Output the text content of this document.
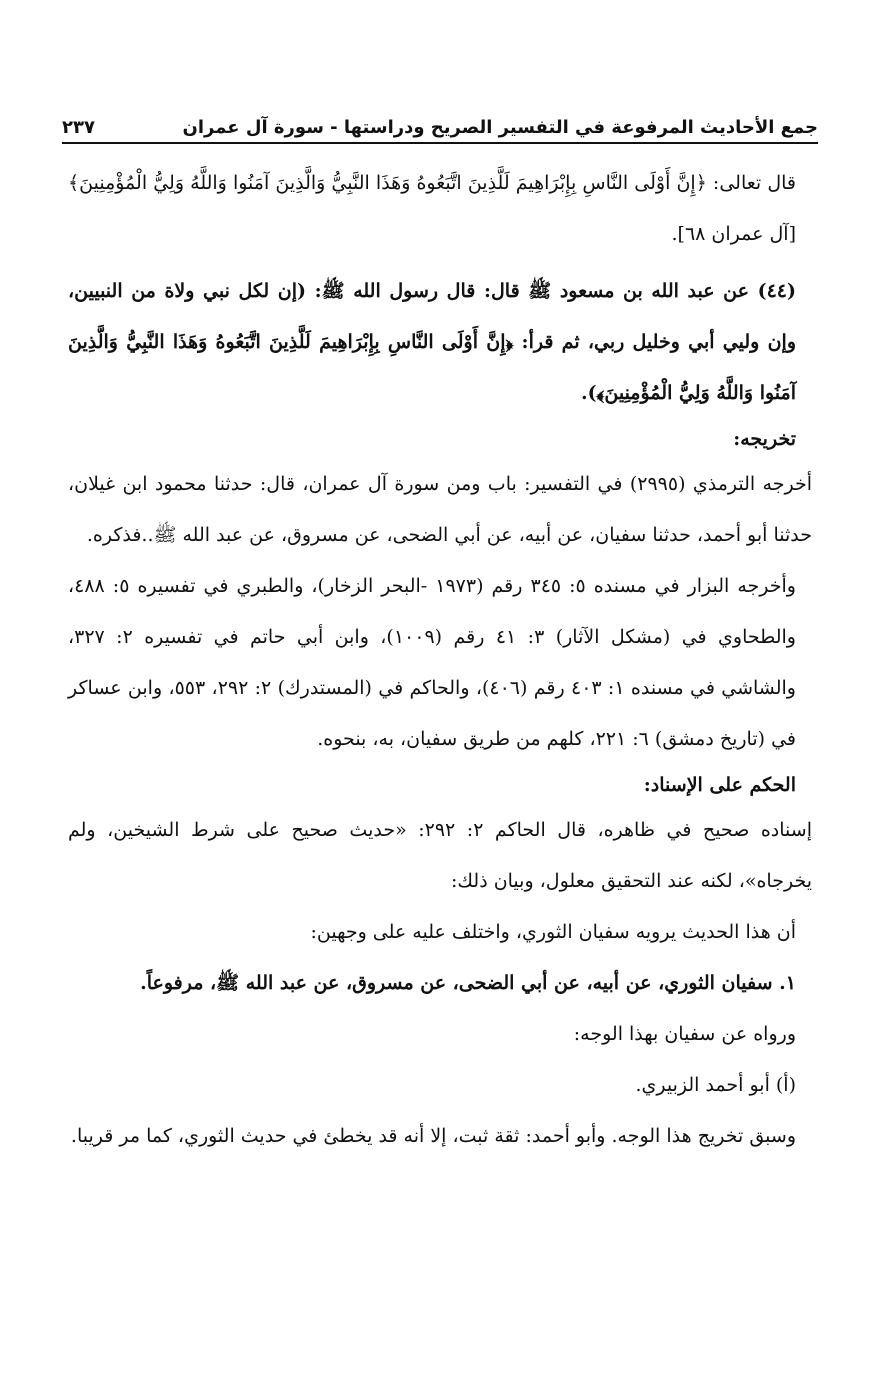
جمع الأحاديث المرفوعة في التفسير الصريح ودراستها - سورة آل عمران
٢٣٧

قال تعالى: ﴿إِنَّ أَوْلَى النَّاسِ بِإِبْرَاهِيمَ لَلَّذِينَ اتَّبَعُوهُ وَهَذَا النَّبِيُّ وَالَّذِينَ آمَنُوا وَاللَّهُ وَلِيُّ الْمُؤْمِنِينَ﴾ [آل عمران ٦٨].

(٤٤) عن عبد الله بن مسعود ﷺ قال: قال رسول الله ﷺ: (إن لكل نبي ولاة من النبيين، وإن وليي أبي وخليل ربي، ثم قرأ: ﴿إِنَّ أَوْلَى النَّاسِ بِإِبْرَاهِيمَ لَلَّذِينَ اتَّبَعُوهُ وَهَذَا النَّبِيُّ وَالَّذِينَ آمَنُوا وَاللَّهُ وَلِيُّ الْمُؤْمِنِينَ﴾).

تخريجه:

أخرجه الترمذي (٢٩٩٥) في التفسير: باب ومن سورة آل عمران، قال: حدثنا محمود ابن غيلان، حدثنا أبو أحمد، حدثنا سفيان، عن أبيه، عن أبي الضحى، عن مسروق، عن عبد الله ﷺ..فذكره.

وأخرجه البزار في مسنده ٥: ٣٤٥ رقم (١٩٧٣ -البحر الزخار)، والطبري في تفسيره ٥: ٤٨٨، والطحاوي في (مشكل الآثار) ٣: ٤١ رقم (١٠٠٩)، وابن أبي حاتم في تفسيره ٢: ٣٢٧، والشاشي في مسنده ١: ٤٠٣ رقم (٤٠٦)، والحاكم في (المستدرك) ٢: ٢٩٢، ٥٥٣، وابن عساكر في (تاريخ دمشق) ٦: ٢٢١، كلهم من طريق سفيان، به، بنحوه.

الحكم على الإسناد:

إسناده صحيح في ظاهره، قال الحاكم ٢: ٢٩٢: «حديث صحيح على شرط الشيخين، ولم يخرجاه»، لكنه عند التحقيق معلول، وبيان ذلك:

أن هذا الحديث يرويه سفيان الثوري، واختلف عليه على وجهين:

١. سفيان الثوري، عن أبيه، عن أبي الضحى، عن مسروق، عن عبد الله ﷺ، مرفوعاً.

ورواه عن سفيان بهذا الوجه:

(أ) أبو أحمد الزبيري.

وسبق تخريج هذا الوجه. وأبو أحمد: ثقة ثبت، إلا أنه قد يخطئ في حديث الثوري، كما مر قريبا.
